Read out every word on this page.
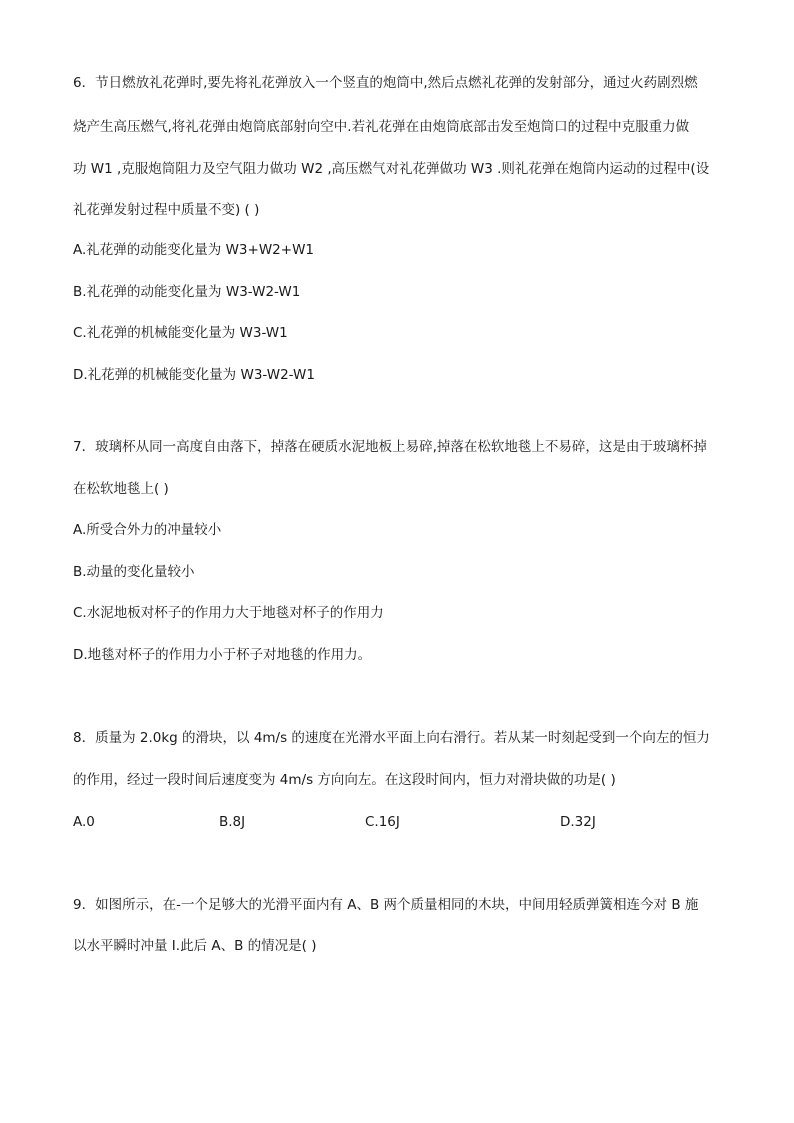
6．节日燃放礼花弹时,要先将礼花弹放入一个竖直的炮筒中,然后点燃礼花弹的发射部分，通过火药剧烈燃
烧产生高压燃气,将礼花弹由炮筒底部射向空中.若礼花弹在由炮筒底部击发至炮筒口的过程中克服重力做
功 W1 ,克服炮筒阻力及空气阻力做功 W2 ,高压燃气对礼花弹做功 W3 .则礼花弹在炮筒内运动的过程中(设
礼花弹发射过程中质量不变) ( )
A.礼花弹的动能变化量为 W3+W2+W1
B.礼花弹的动能变化量为 W3-W2-W1
C.礼花弹的机械能变化量为 W3-W1
D.礼花弹的机械能变化量为 W3-W2-W1
7．玻璃杯从同一高度自由落下，掉落在硬质水泥地板上易碎,掉落在松软地毯上不易碎，这是由于玻璃杯掉
在松软地毯上( )
A.所受合外力的冲量较小
B.动量的变化量较小
C.水泥地板对杯子的作用力大于地毯对杯子的作用力
D.地毯对杯子的作用力小于杯子对地毯的作用力。
8．质量为 2.0kg 的滑块，以 4m/s 的速度在光滑水平面上向右滑行。若从某一时刻起受到一个向左的恒力
的作用，经过一段时间后速度变为 4m/s 方向向左。在这段时间内，恒力对滑块做的功是( )
A.0	B.8J	C.16J	D.32J
9．如图所示，在-一个足够大的光滑平面内有 A、B 两个质量相同的木块，中间用轻质弹簧相连今对 B 施
以水平瞬时冲量 I.此后 A、B 的情况是( )
